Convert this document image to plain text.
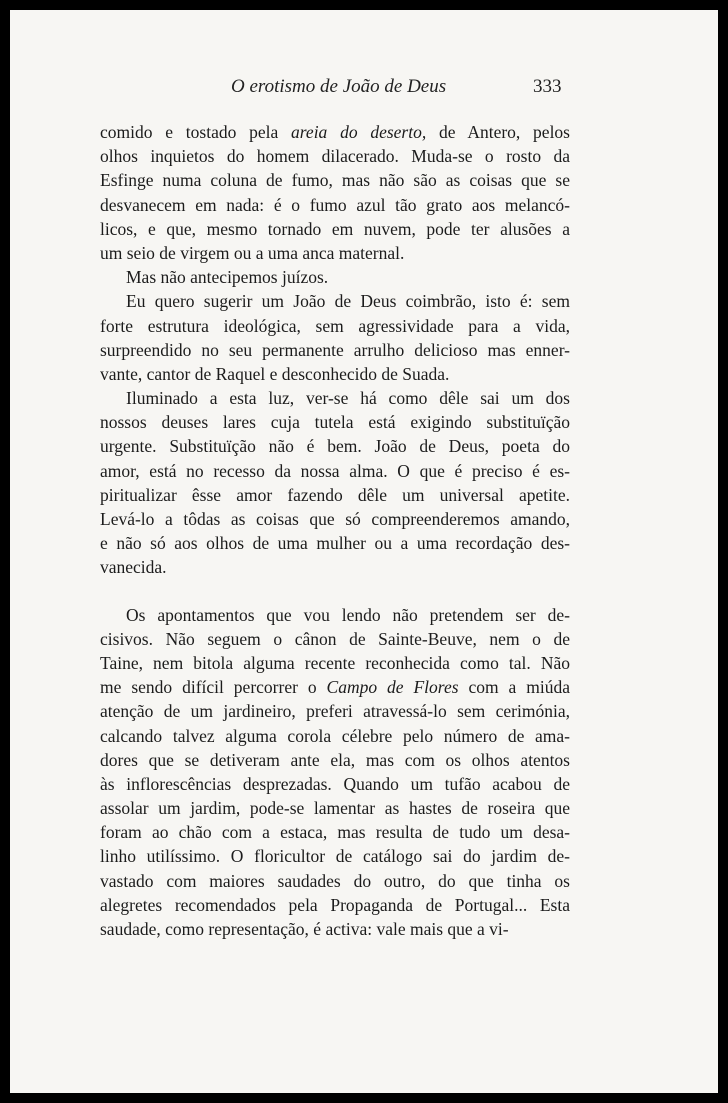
O erotismo de João de Deus	333
comido e tostado pela areia do deserto, de Antero, pelos
olhos inquietos do homem dilacerado. Muda-se o rosto da
Esfinge numa coluna de fumo, mas não são as coisas que se
desvanecem em nada: é o fumo azul tão grato aos melancó-
licos, e que, mesmo tornado em nuvem, pode ter alusões a
um seio de virgem ou a uma anca maternal.
Mas não antecipemos juízos.
Eu quero sugerir um João de Deus coimbrão, isto é: sem
forte estrutura ideológica, sem agressividade para a vida,
surpreendido no seu permanente arrulho delicioso mas enner-
vante, cantor de Raquel e desconhecido de Suada.
Iluminado a esta luz, ver-se há como dêle sai um dos
nossos deuses lares cuja tutela está exigindo substituïção
urgente. Substituïção não é bem. João de Deus, poeta do
amor, está no recesso da nossa alma. O que é preciso é es-
piritualizar êsse amor fazendo dêle um universal apetite.
Levá-lo a tôdas as coisas que só compreenderemos amando,
e não só aos olhos de uma mulher ou a uma recordação des-
vanecida.
Os apontamentos que vou lendo não pretendem ser de-
cisivos. Não seguem o cânon de Sainte-Beuve, nem o de
Taine, nem bitola alguma recente reconhecida como tal. Não
me sendo difícil percorrer o Campo de Flores com a miúda
atenção de um jardineiro, preferi atravessá-lo sem cerimónia,
calcando talvez alguma corola célebre pelo número de ama-
dores que se detiveram ante ela, mas com os olhos atentos
às inflorescências desprezadas. Quando um tufão acabou de
assolar um jardim, pode-se lamentar as hastes de roseira que
foram ao chão com a estaca, mas resulta de tudo um desa-
linho utilíssimo. O floricultor de catálogo sai do jardim de-
vastado com maiores saudades do outro, do que tinha os
alegretes recomendados pela Propaganda de Portugal... Esta
saudade, como representação, é activa: vale mais que a vi-
